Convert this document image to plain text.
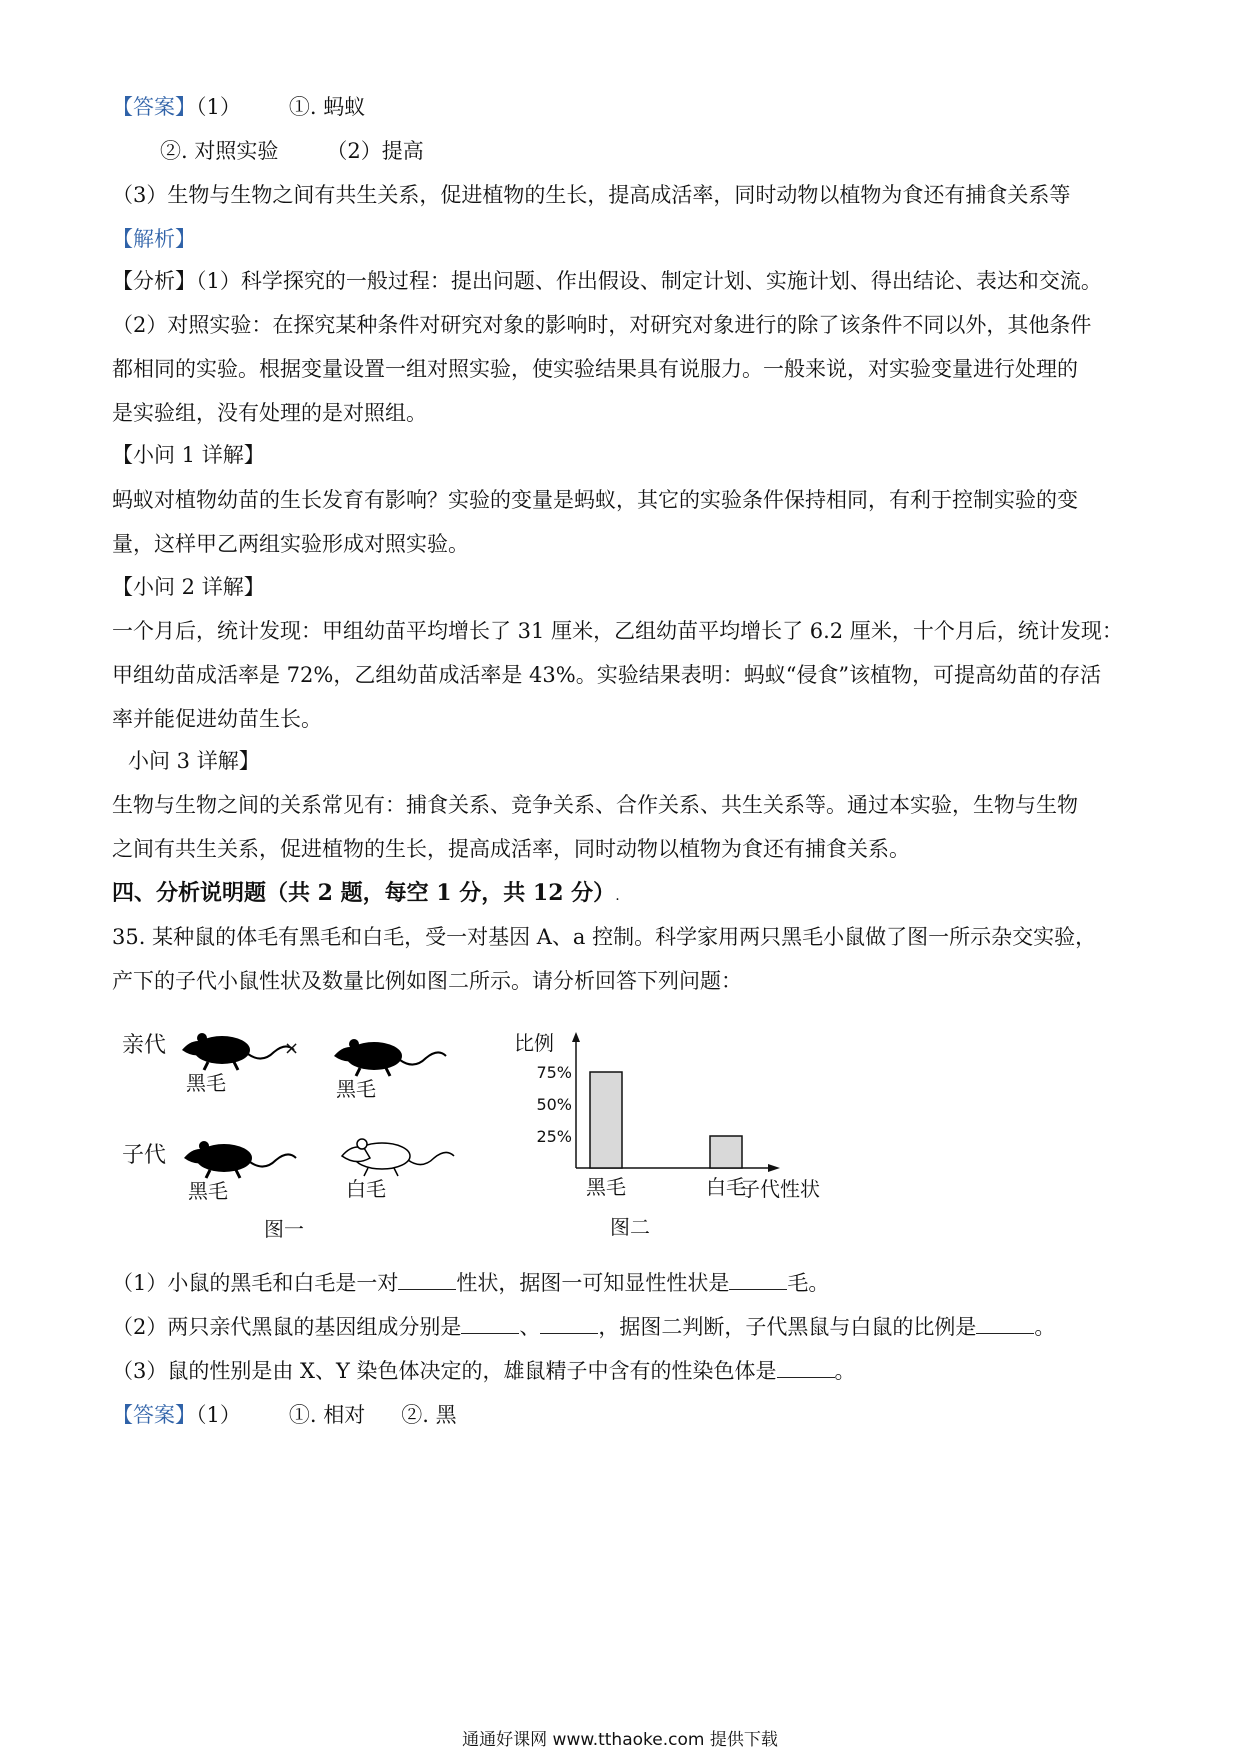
【答案】（1） ①. 蚂蚁
②. 对照实验 （2）提高
（3）生物与生物之间有共生关系，促进植物的生长，提高成活率，同时动物以植物为食还有捕食关系等
【解析】
【分析】（1）科学探究的一般过程：提出问题、作出假设、制定计划、实施计划、得出结论、表达和交流。
（2）对照实验：在探究某种条件对研究对象的影响时，对研究对象进行的除了该条件不同以外，其他条件
都相同的实验。根据变量设置一组对照实验，使实验结果具有说服力。一般来说，对实验变量进行处理的
是实验组，没有处理的是对照组。
【小问 1 详解】
蚂蚁对植物幼苗的生长发育有影响？实验的变量是蚂蚁，其它的实验条件保持相同，有利于控制实验的变
量，这样甲乙两组实验形成对照实验。
【小问 2 详解】
一个月后，统计发现：甲组幼苗平均增长了 31 厘米，乙组幼苗平均增长了 6.2 厘米，十个月后，统计发现：
甲组幼苗成活率是 72%，乙组幼苗成活率是 43%。实验结果表明：蚂蚁“侵食”该植物，可提高幼苗的存活
率并能促进幼苗生长。
小问 3 详解】
生物与生物之间的关系常见有：捕食关系、竞争关系、合作关系、共生关系等。通过本实验，生物与生物
之间有共生关系，促进植物的生长，提高成活率，同时动物以植物为食还有捕食关系。
四、分析说明题（共 2 题，每空 1 分，共 12 分）.
35. 某种鼠的体毛有黑毛和白毛，受一对基因 A、a 控制。科学家用两只黑毛小鼠做了图一所示杂交实验，
产下的子代小鼠性状及数量比例如图二所示。请分析回答下列问题：
亲代	×
黑毛	黑毛
子代
黑毛	白毛
图一
比例
25%
50%
75%
黑毛	白毛
子代性状
图二
（1）小鼠的黑毛和白毛是一对	性状，据图一可知显性性状是	毛。
（2）两只亲代黑鼠的基因组成分别是	、	，据图二判断，子代黑鼠与白鼠的比例是	。
（3）鼠的性别是由 X、Y 染色体决定的，雄鼠精子中含有的性染色体是	。
【答案】（1） ①. 相对 ②. 黑
通通好课网 www.tthaoke.com 提供下载
